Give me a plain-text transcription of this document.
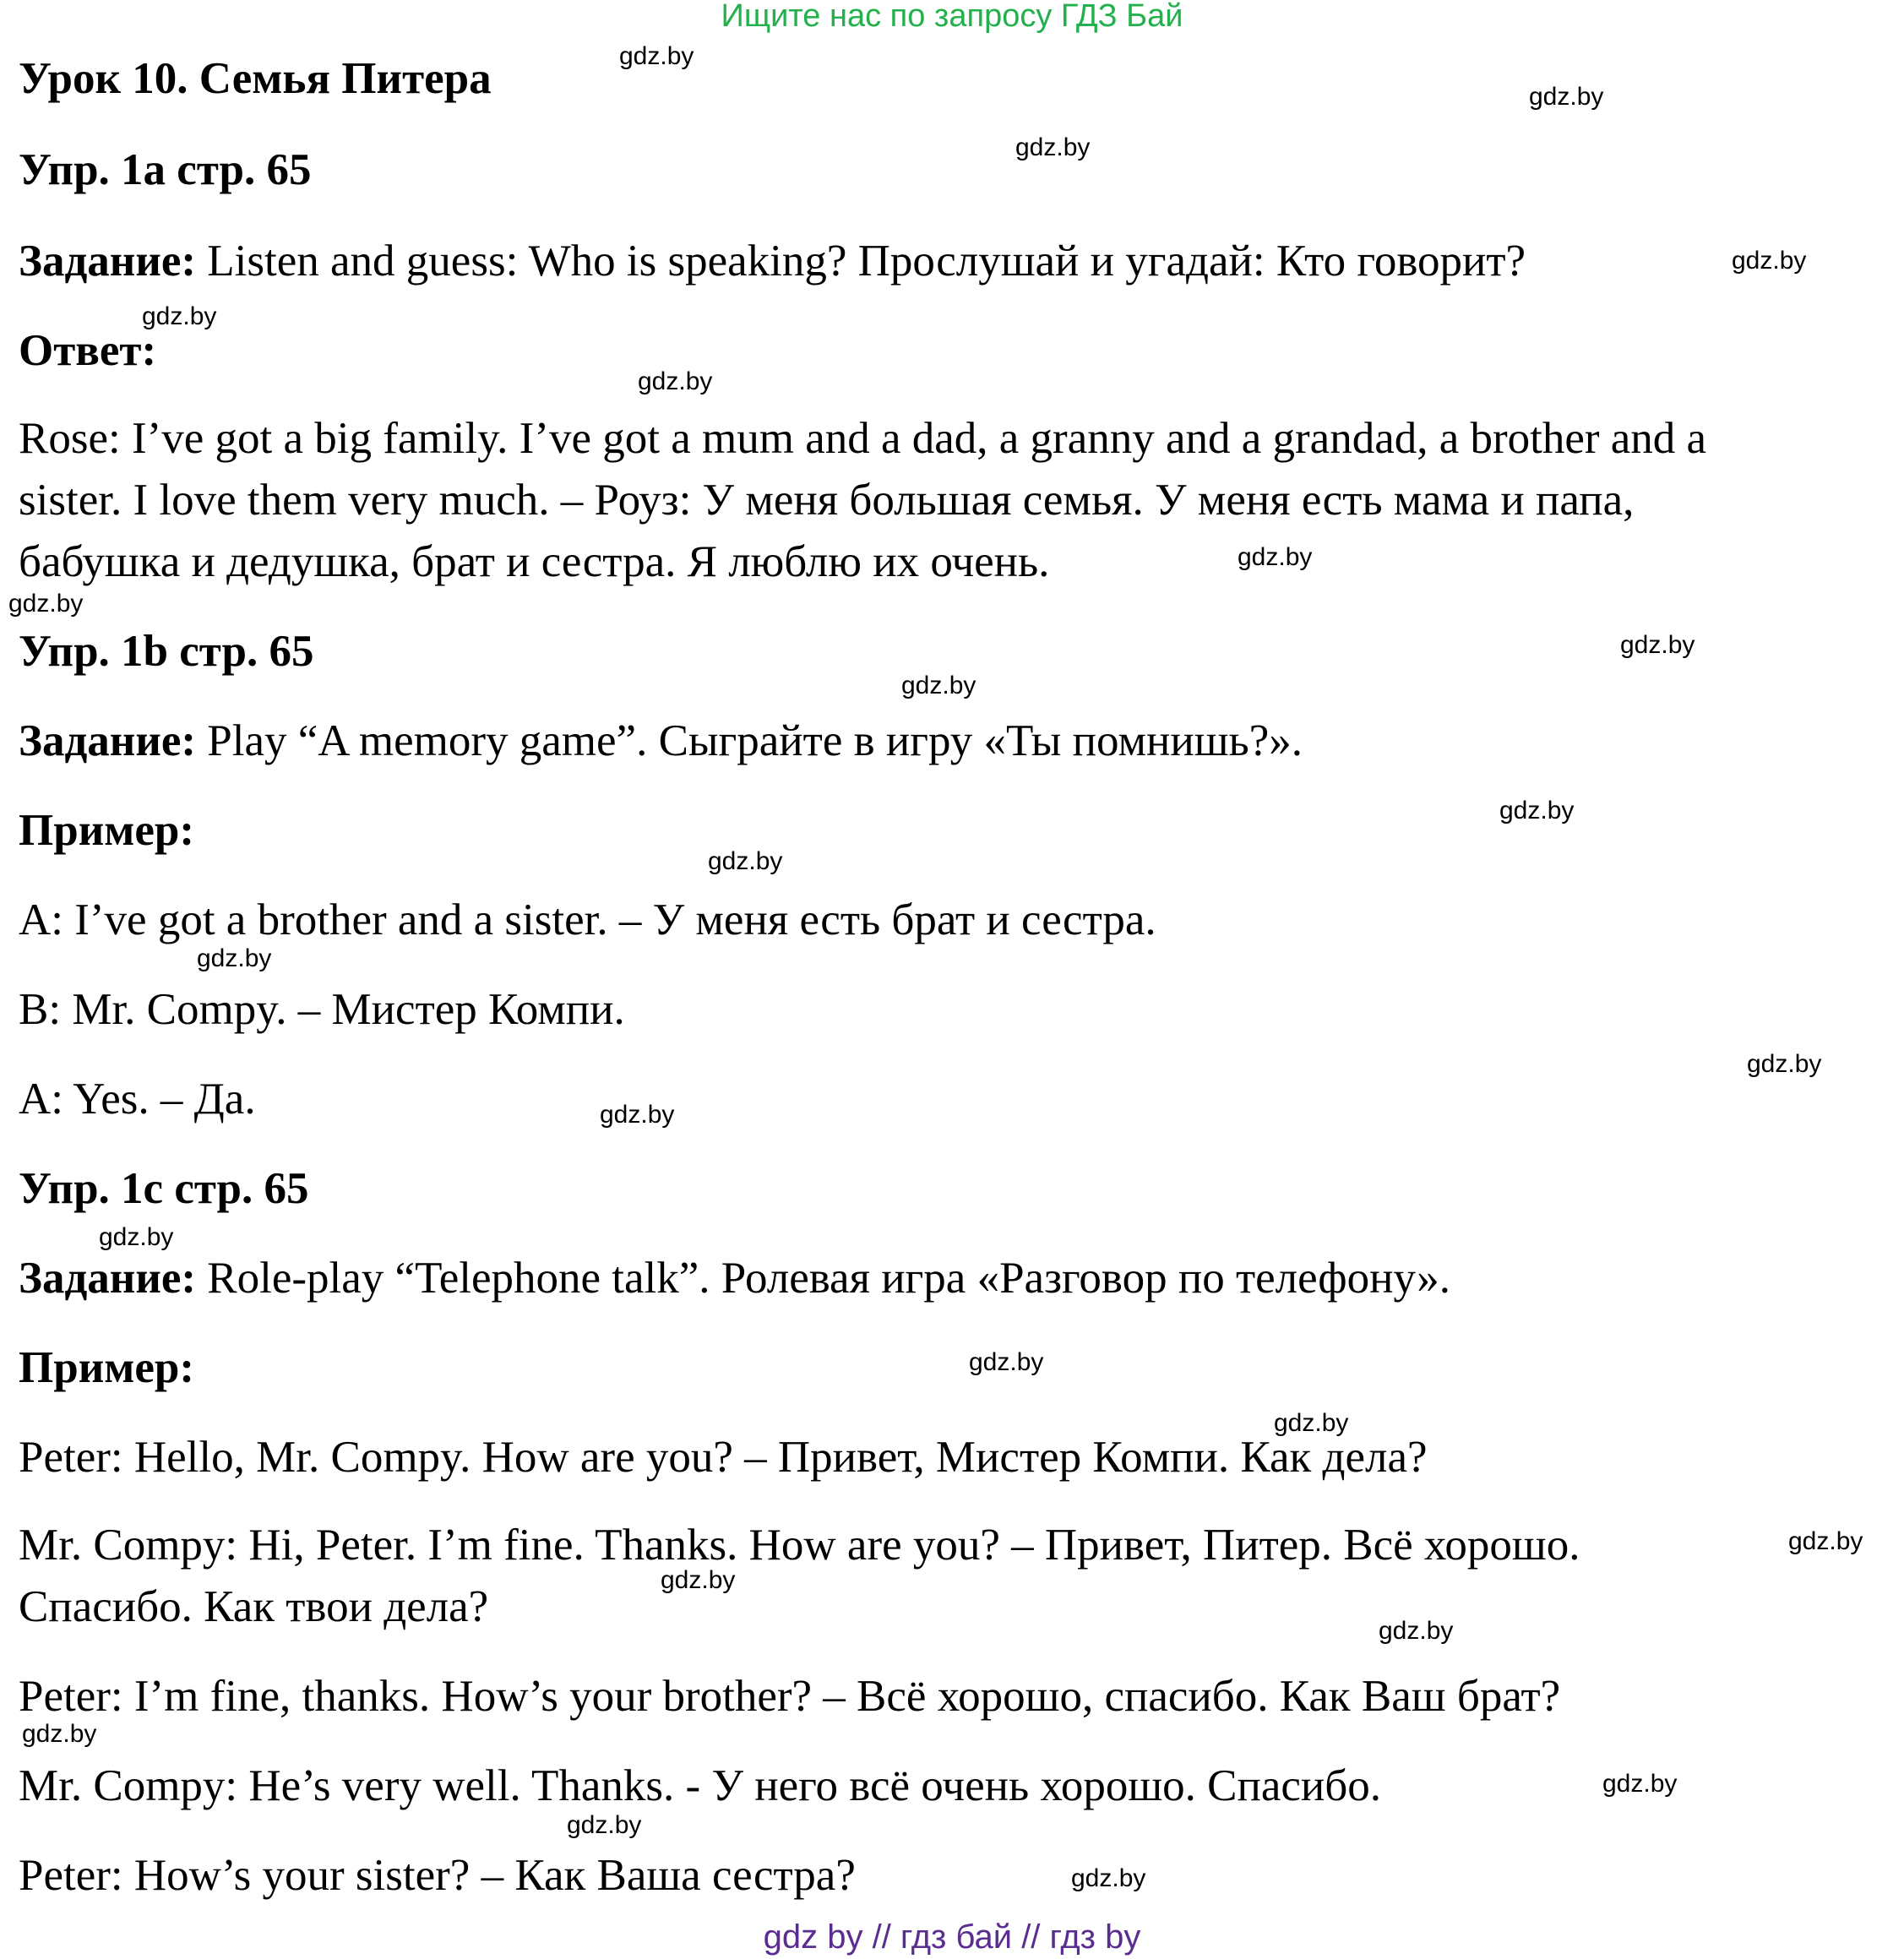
Ищите нас по запросу ГДЗ Бай
Урок 10. Семья Питера
Упр. 1a стр. 65
Задание: Listen and guess: Who is speaking? Прослушай и угадай: Кто говорит?
Ответ:
Rose: I’ve got a big family. I’ve got a mum and a dad, a granny and a grandad, a brother and a
sister. I love them very much. – Роуз: У меня большая семья. У меня есть мама и папа,
бабушка и дедушка, брат и сестра. Я люблю их очень.
Упр. 1b стр. 65
Задание: Play “A memory game”. Сыграйте в игру «Ты помнишь?».
Пример:
A: I’ve got a brother and a sister. – У меня есть брат и сестра.
B: Mr. Compy. – Мистер Компи.
A: Yes. – Да.
Упр. 1c стр. 65
Задание: Role-play “Telephone talk”. Ролевая игра «Разговор по телефону».
Пример:
Peter: Hello, Mr. Compy. How are you? – Привет, Мистер Компи. Как дела?
Mr. Compy: Hi, Peter. I’m fine. Thanks. How are you? – Привет, Питер. Всё хорошо.
Спасибо. Как твои дела?
Peter: I’m fine, thanks. How’s your brother? – Всё хорошо, спасибо. Как Ваш брат?
Mr. Compy: He’s very well. Thanks. - У него всё очень хорошо. Спасибо.
Peter: How’s your sister? – Как Ваша сестра?
gdz.by
gdz.by
gdz.by
gdz.by
gdz.by
gdz.by
gdz.by
gdz.by
gdz.by
gdz.by
gdz.by
gdz.by
gdz.by
gdz.by
gdz.by
gdz.by
gdz.by
gdz.by
gdz.by
gdz.by
gdz.by
gdz.by
gdz.by
gdz.by
gdz.by
gdz by // гдз бай // гдз by
